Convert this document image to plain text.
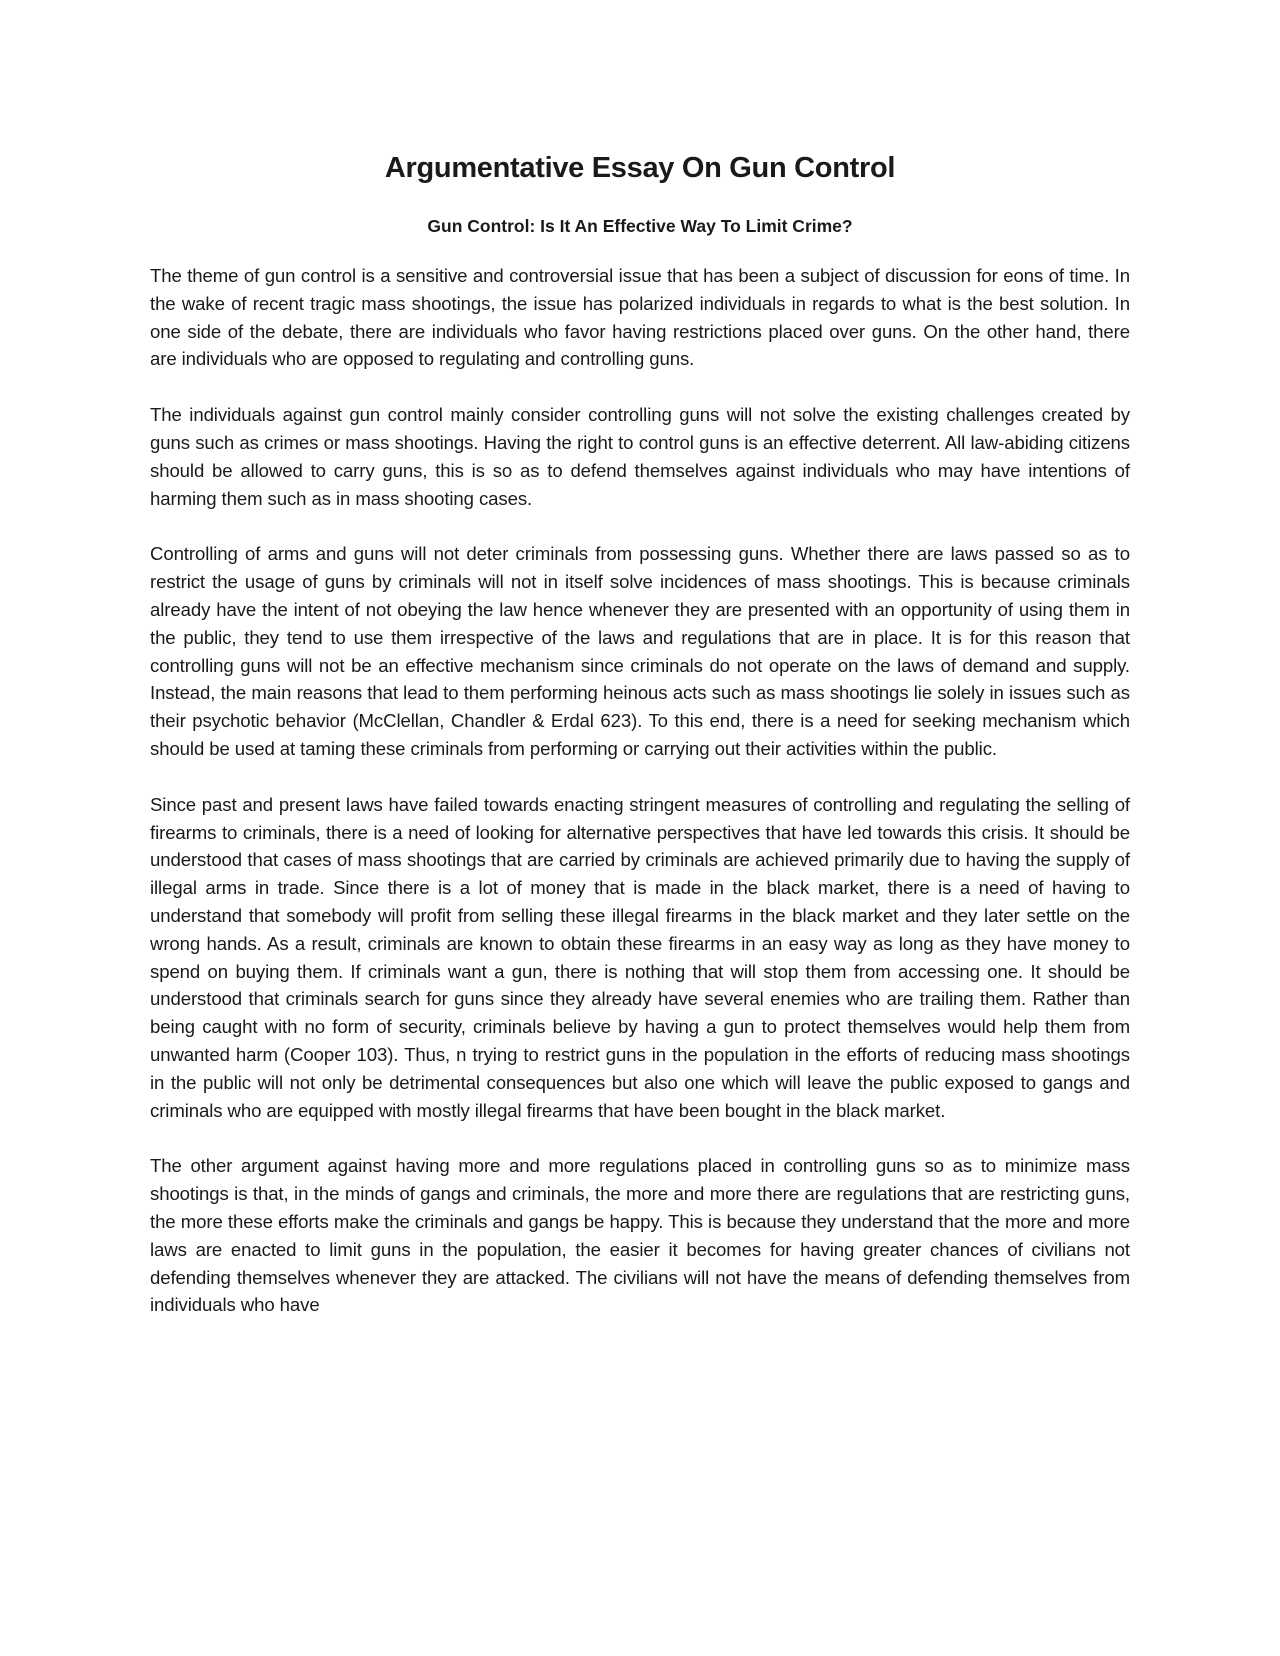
Argumentative Essay On Gun Control
Gun Control: Is It An Effective Way To Limit Crime?

The theme of gun control is a sensitive and controversial issue that has been a subject of discussion for eons of time. In the wake of recent tragic mass shootings, the issue has polarized individuals in regards to what is the best solution. In one side of the debate, there are individuals who favor having restrictions placed over guns. On the other hand, there are individuals who are opposed to regulating and controlling guns.

The individuals against gun control mainly consider controlling guns will not solve the existing challenges created by guns such as crimes or mass shootings. Having the right to control guns is an effective deterrent. All law-abiding citizens should be allowed to carry guns, this is so as to defend themselves against individuals who may have intentions of harming them such as in mass shooting cases.

Controlling of arms and guns will not deter criminals from possessing guns. Whether there are laws passed so as to restrict the usage of guns by criminals will not in itself solve incidences of mass shootings. This is because criminals already have the intent of not obeying the law hence whenever they are presented with an opportunity of using them in the public, they tend to use them irrespective of the laws and regulations that are in place. It is for this reason that controlling guns will not be an effective mechanism since criminals do not operate on the laws of demand and supply. Instead, the main reasons that lead to them performing heinous acts such as mass shootings lie solely in issues such as their psychotic behavior (McClellan, Chandler & Erdal 623). To this end, there is a need for seeking mechanism which should be used at taming these criminals from performing or carrying out their activities within the public.

Since past and present laws have failed towards enacting stringent measures of controlling and regulating the selling of firearms to criminals, there is a need of looking for alternative perspectives that have led towards this crisis. It should be understood that cases of mass shootings that are carried by criminals are achieved primarily due to having the supply of illegal arms in trade. Since there is a lot of money that is made in the black market, there is a need of having to understand that somebody will profit from selling these illegal firearms in the black market and they later settle on the wrong hands. As a result, criminals are known to obtain these firearms in an easy way as long as they have money to spend on buying them. If criminals want a gun, there is nothing that will stop them from accessing one. It should be understood that criminals search for guns since they already have several enemies who are trailing them. Rather than being caught with no form of security, criminals believe by having a gun to protect themselves would help them from unwanted harm (Cooper 103). Thus, n trying to restrict guns in the population in the efforts of reducing mass shootings in the public will not only be detrimental consequences but also one which will leave the public exposed to gangs and criminals who are equipped with mostly illegal firearms that have been bought in the black market.

The other argument against having more and more regulations placed in controlling guns so as to minimize mass shootings is that, in the minds of gangs and criminals, the more and more there are regulations that are restricting guns, the more these efforts make the criminals and gangs be happy. This is because they understand that the more and more laws are enacted to limit guns in the population, the easier it becomes for having greater chances of civilians not defending themselves whenever they are attacked. The civilians will not have the means of defending themselves from individuals who have
